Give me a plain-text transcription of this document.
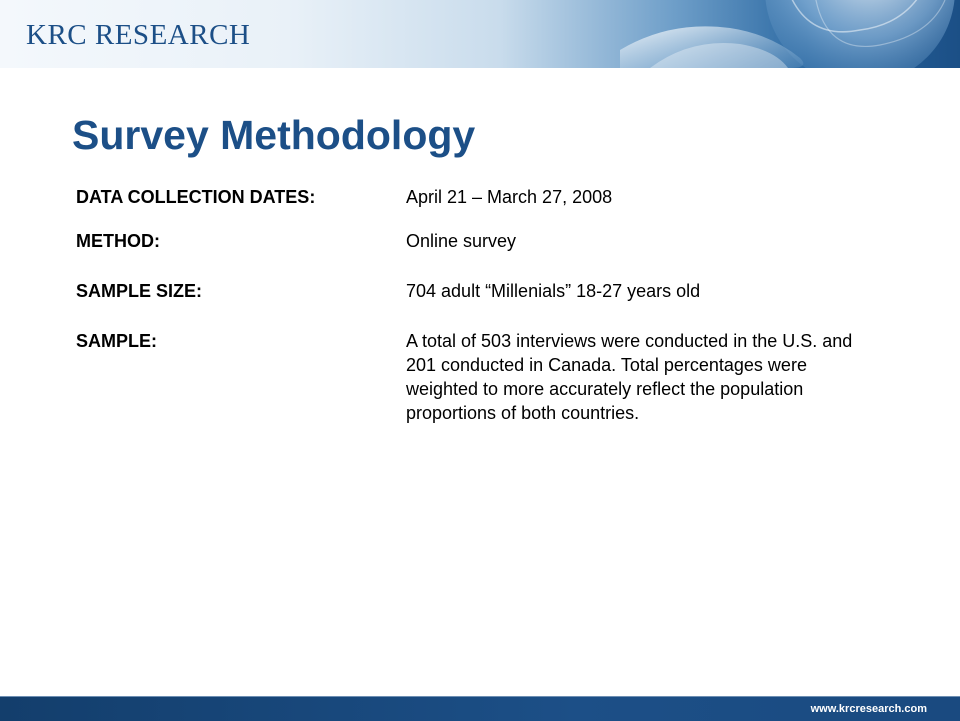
KRC RESEARCH
Survey Methodology
DATA COLLECTION DATES:	April 21 – March 27, 2008
METHOD:	Online survey
SAMPLE SIZE:	704 adult “Millenials” 18-27 years old
SAMPLE:	A total of 503 interviews were conducted in the U.S. and 201 conducted in Canada. Total percentages were weighted to more accurately reflect the population proportions of both countries.
www.krcresearch.com
